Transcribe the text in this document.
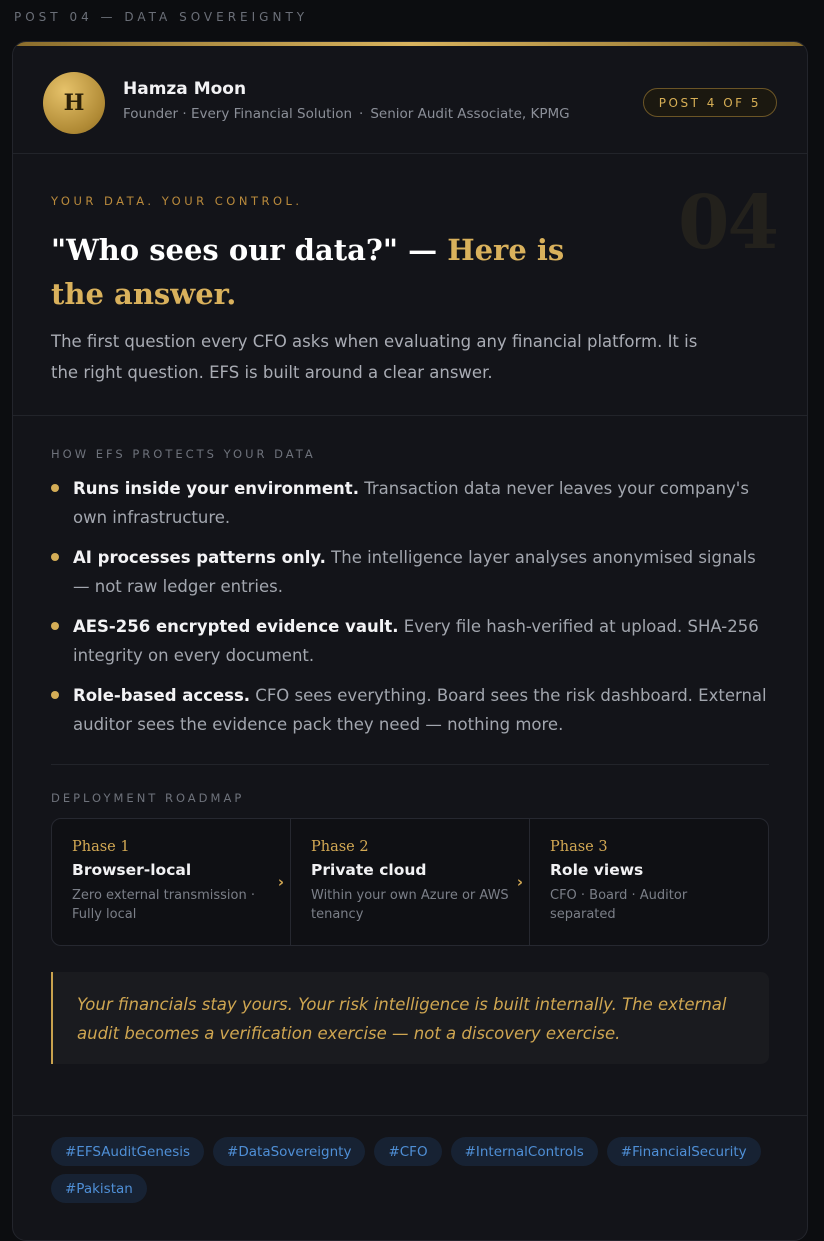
POST 04 — DATA SOVEREIGNTY
H
Hamza Moon
Founder · Every Financial Solution · Senior Audit Associate, KPMG
POST 4 OF 5
YOUR DATA. YOUR CONTROL.	04
"Who sees our data?" — Here is the answer.
The first question every CFO asks when evaluating any financial platform. It is the right question. EFS is built around a clear answer.
HOW EFS PROTECTS YOUR DATA
Runs inside your environment. Transaction data never leaves your company's own infrastructure.
AI processes patterns only. The intelligence layer analyses anonymised signals — not raw ledger entries.
AES-256 encrypted evidence vault. Every file hash-verified at upload. SHA-256 integrity on every document.
Role-based access. CFO sees everything. Board sees the risk dashboard. External auditor sees the evidence pack they need — nothing more.
DEPLOYMENT ROADMAP
Phase 1
Browser-local
Zero external transmission · Fully local
›
Phase 2
Private cloud
Within your own Azure or AWS tenancy
›
Phase 3
Role views
CFO · Board · Auditor separated
Your financials stay yours. Your risk intelligence is built internally. The external audit becomes a verification exercise — not a discovery exercise.
#EFSAuditGenesis	#DataSovereignty	#CFO	#InternalControls	#FinancialSecurity
#Pakistan
